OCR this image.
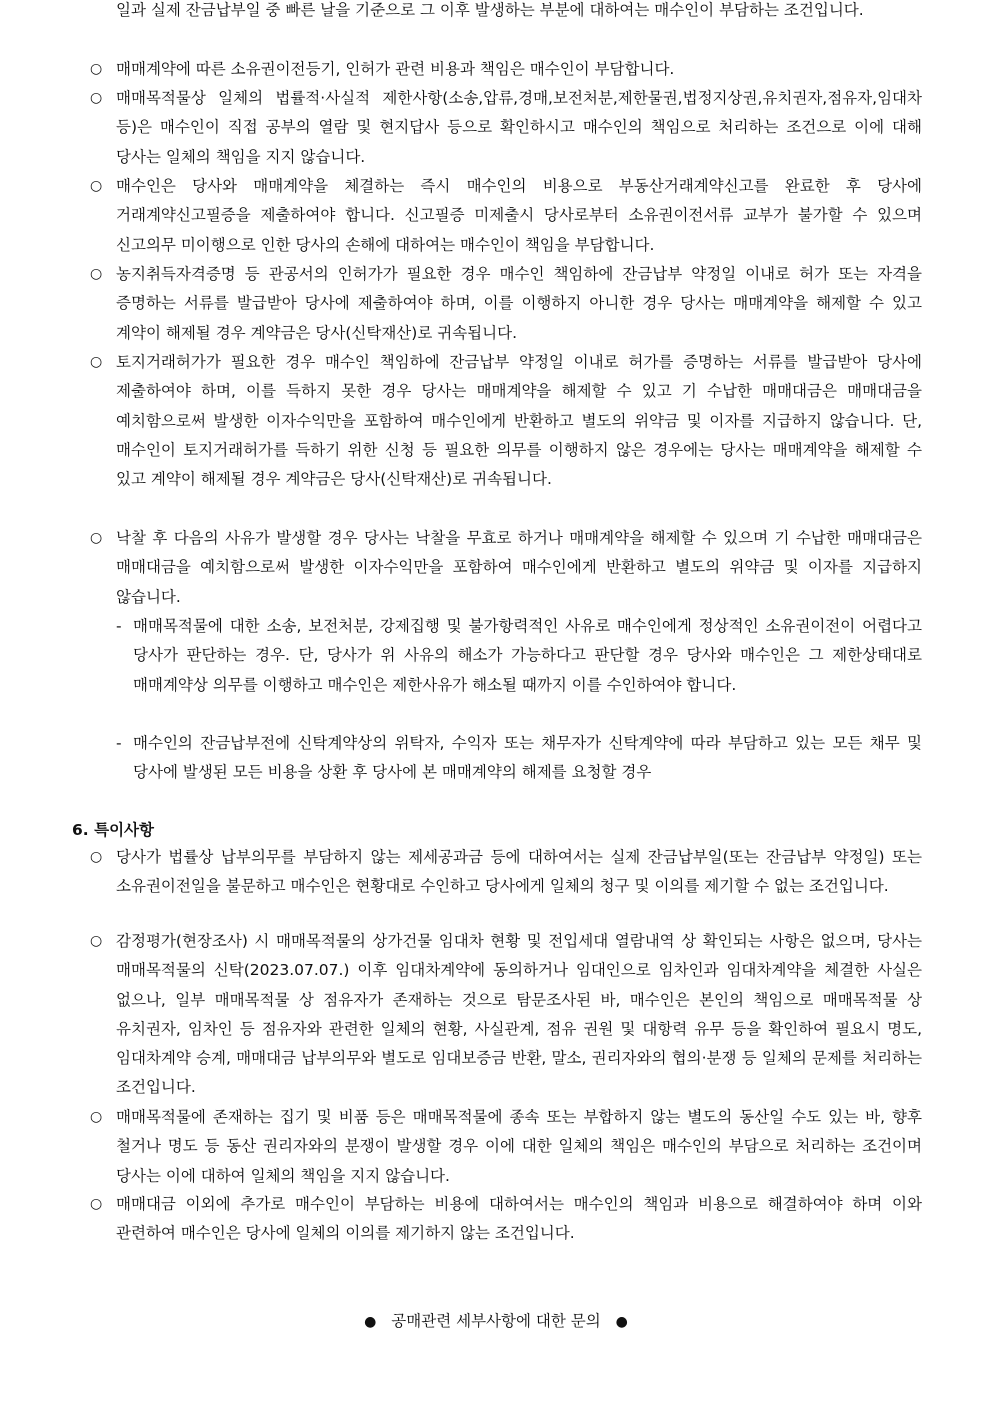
일과 실제 잔금납부일 중 빠른 날을 기준으로 그 이후 발생하는 부분에 대하여는 매수인이 부담하는 조건입니다.
○ 매매계약에 따른 소유권이전등기, 인허가 관련 비용과 책임은 매수인이 부담합니다.
○ 매매목적물상 일체의 법률적·사실적 제한사항(소송,압류,경매,보전처분,제한물권,법정지상권,유치권자,점유자,임대차 등)은 매수인이 직접 공부의 열람 및 현지답사 등으로 확인하시고 매수인의 책임으로 처리하는 조건으로 이에 대해 당사는 일체의 책임을 지지 않습니다.
○ 매수인은 당사와 매매계약을 체결하는 즉시 매수인의 비용으로 부동산거래계약신고를 완료한 후 당사에 거래계약신고필증을 제출하여야 합니다. 신고필증 미제출시 당사로부터 소유권이전서류 교부가 불가할 수 있으며 신고의무 미이행으로 인한 당사의 손해에 대하여는 매수인이 책임을 부담합니다.
○ 농지취득자격증명 등 관공서의 인허가가 필요한 경우 매수인 책임하에 잔금납부 약정일 이내로 허가 또는 자격을 증명하는 서류를 발급받아 당사에 제출하여야 하며, 이를 이행하지 아니한 경우 당사는 매매계약을 해제할 수 있고 계약이 해제될 경우 계약금은 당사(신탁재산)로 귀속됩니다.
○ 토지거래허가가 필요한 경우 매수인 책임하에 잔금납부 약정일 이내로 허가를 증명하는 서류를 발급받아 당사에 제출하여야 하며, 이를 득하지 못한 경우 당사는 매매계약을 해제할 수 있고 기 수납한 매매대금은 매매대금을 예치함으로써 발생한 이자수익만을 포함하여 매수인에게 반환하고 별도의 위약금 및 이자를 지급하지 않습니다. 단, 매수인이 토지거래허가를 득하기 위한 신청 등 필요한 의무를 이행하지 않은 경우에는 당사는 매매계약을 해제할 수 있고 계약이 해제될 경우 계약금은 당사(신탁재산)로 귀속됩니다.
○ 낙찰 후 다음의 사유가 발생할 경우 당사는 낙찰을 무효로 하거나 매매계약을 해제할 수 있으며 기 수납한 매매대금은 매매대금을 예치함으로써 발생한 이자수익만을 포함하여 매수인에게 반환하고 별도의 위약금 및 이자를 지급하지 않습니다.
- 매매목적물에 대한 소송, 보전처분, 강제집행 및 불가항력적인 사유로 매수인에게 정상적인 소유권이전이 어렵다고 당사가 판단하는 경우. 단, 당사가 위 사유의 해소가 가능하다고 판단할 경우 당사와 매수인은 그 제한상태대로 매매계약상 의무를 이행하고 매수인은 제한사유가 해소될 때까지 이를 수인하여야 합니다.
- 매수인의 잔금납부전에 신탁계약상의 위탁자, 수익자 또는 채무자가 신탁계약에 따라 부담하고 있는 모든 채무 및 당사에 발생된 모든 비용을 상환 후 당사에 본 매매계약의 해제를 요청할 경우
6. 특이사항
○ 당사가 법률상 납부의무를 부담하지 않는 제세공과금 등에 대하여서는 실제 잔금납부일(또는 잔금납부 약정일) 또는 소유권이전일을 불문하고 매수인은 현황대로 수인하고 당사에게 일체의 청구 및 이의를 제기할 수 없는 조건입니다.
○ 감정평가(현장조사) 시 매매목적물의 상가건물 임대차 현황 및 전입세대 열람내역 상 확인되는 사항은 없으며, 당사는 매매목적물의 신탁(2023.07.07.) 이후 임대차계약에 동의하거나 임대인으로 임차인과 임대차계약을 체결한 사실은 없으나, 일부 매매목적물 상 점유자가 존재하는 것으로 탐문조사된 바, 매수인은 본인의 책임으로 매매목적물 상 유치권자, 임차인 등 점유자와 관련한 일체의 현황, 사실관계, 점유 권원 및 대항력 유무 등을 확인하여 필요시 명도, 임대차계약 승계, 매매대금 납부의무와 별도로 임대보증금 반환, 말소, 권리자와의 협의·분쟁 등 일체의 문제를 처리하는 조건입니다.
○ 매매목적물에 존재하는 집기 및 비품 등은 매매목적물에 종속 또는 부합하지 않는 별도의 동산일 수도 있는 바, 향후 철거나 명도 등 동산 권리자와의 분쟁이 발생할 경우 이에 대한 일체의 책임은 매수인의 부담으로 처리하는 조건이며 당사는 이에 대하여 일체의 책임을 지지 않습니다.
○ 매매대금 이외에 추가로 매수인이 부담하는 비용에 대하여서는 매수인의 책임과 비용으로 해결하여야 하며 이와 관련하여 매수인은 당사에 일체의 이의를 제기하지 않는 조건입니다.
● 공매관련 세부사항에 대한 문의 ●
